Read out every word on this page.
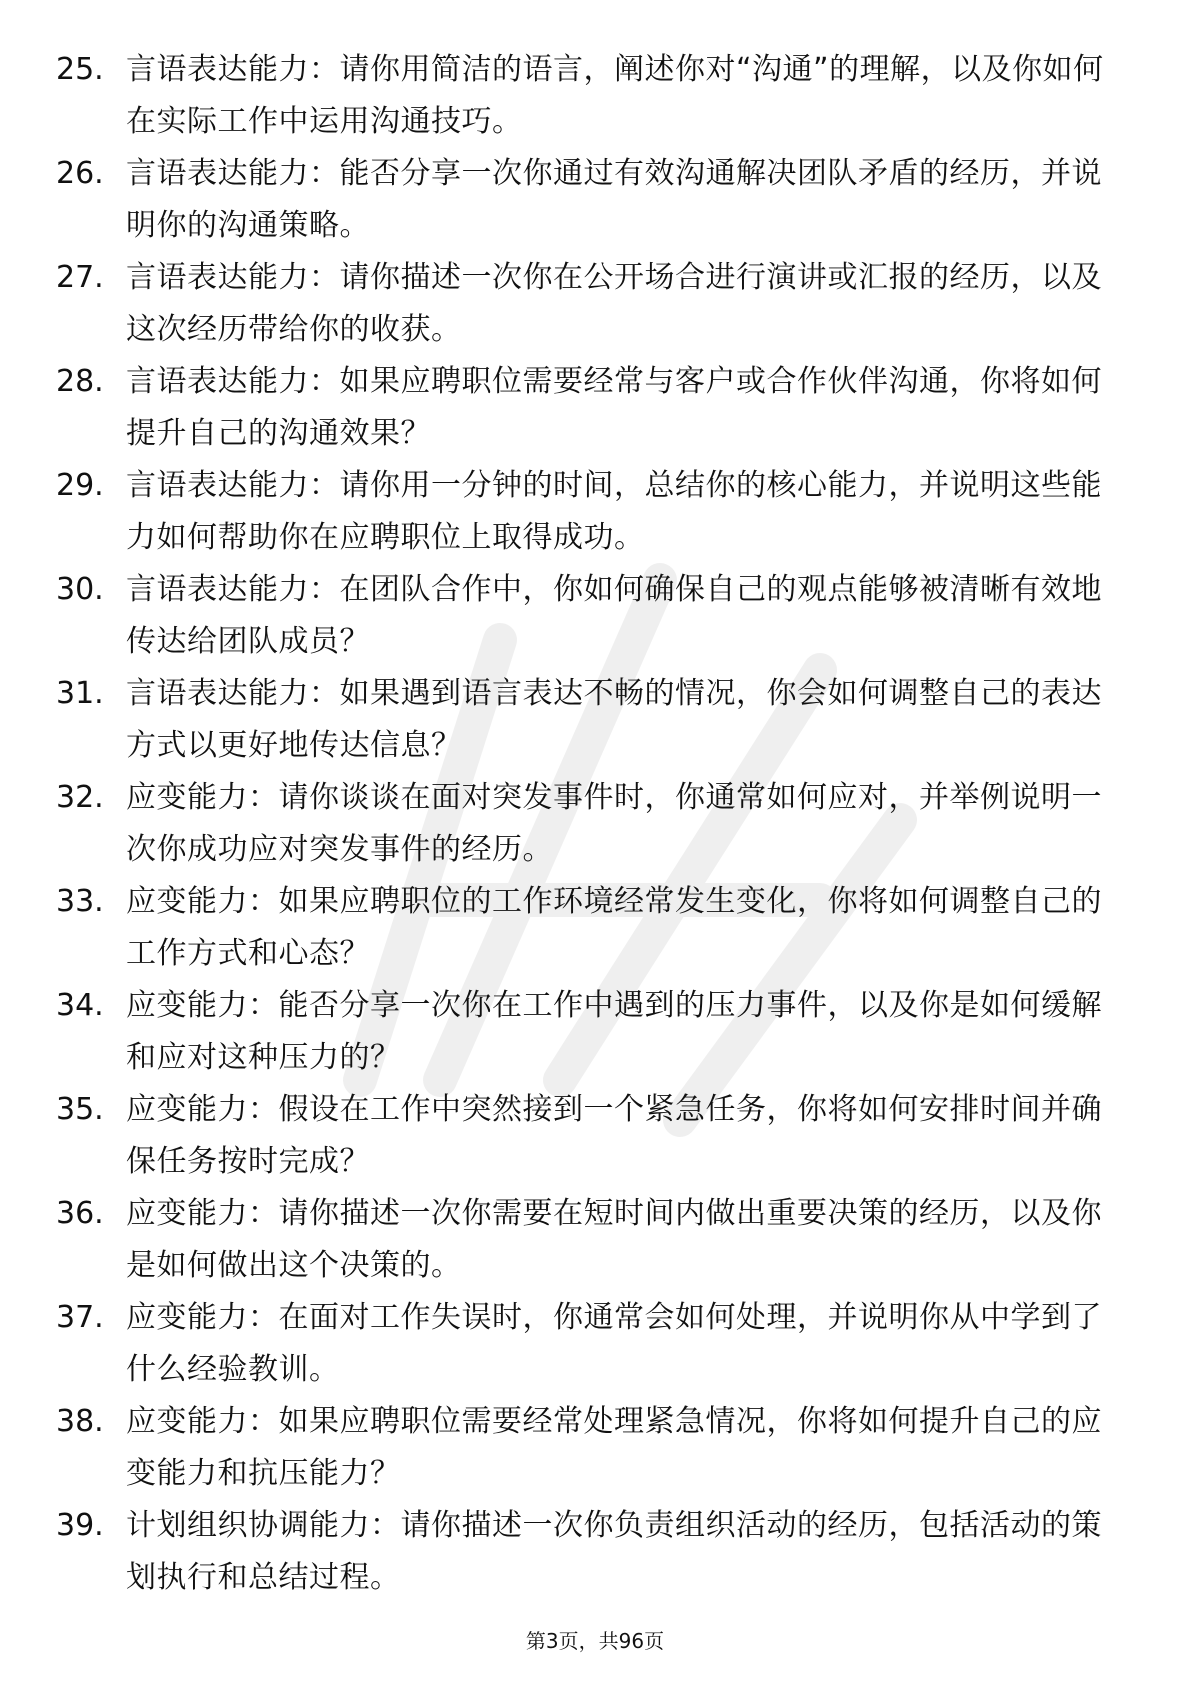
25. 言语表达能力：请你用简洁的语言，阐述你对“沟通”的理解，以及你如何在实际工作中运用沟通技巧。
26. 言语表达能力：能否分享一次你通过有效沟通解决团队矛盾的经历，并说明你的沟通策略。
27. 言语表达能力：请你描述一次你在公开场合进行演讲或汇报的经历，以及这次经历带给你的收获。
28. 言语表达能力：如果应聘职位需要经常与客户或合作伙伴沟通，你将如何提升自己的沟通效果？
29. 言语表达能力：请你用一分钟的时间，总结你的核心能力，并说明这些能力如何帮助你在应聘职位上取得成功。
30. 言语表达能力：在团队合作中，你如何确保自己的观点能够被清晰有效地传达给团队成员？
31. 言语表达能力：如果遇到语言表达不畅的情况，你会如何调整自己的表达方式以更好地传达信息？
32. 应变能力：请你谈谈在面对突发事件时，你通常如何应对，并举例说明一次你成功应对突发事件的经历。
33. 应变能力：如果应聘职位的工作环境经常发生变化，你将如何调整自己的工作方式和心态？
34. 应变能力：能否分享一次你在工作中遇到的压力事件，以及你是如何缓解和应对这种压力的？
35. 应变能力：假设在工作中突然接到一个紧急任务，你将如何安排时间并确保任务按时完成？
36. 应变能力：请你描述一次你需要在短时间内做出重要决策的经历，以及你是如何做出这个决策的。
37. 应变能力：在面对工作失误时，你通常会如何处理，并说明你从中学到了什么经验教训。
38. 应变能力：如果应聘职位需要经常处理紧急情况，你将如何提升自己的应变能力和抗压能力？
39. 计划组织协调能力：请你描述一次你负责组织活动的经历，包括活动的策划执行和总结过程。
第3页，共96页
